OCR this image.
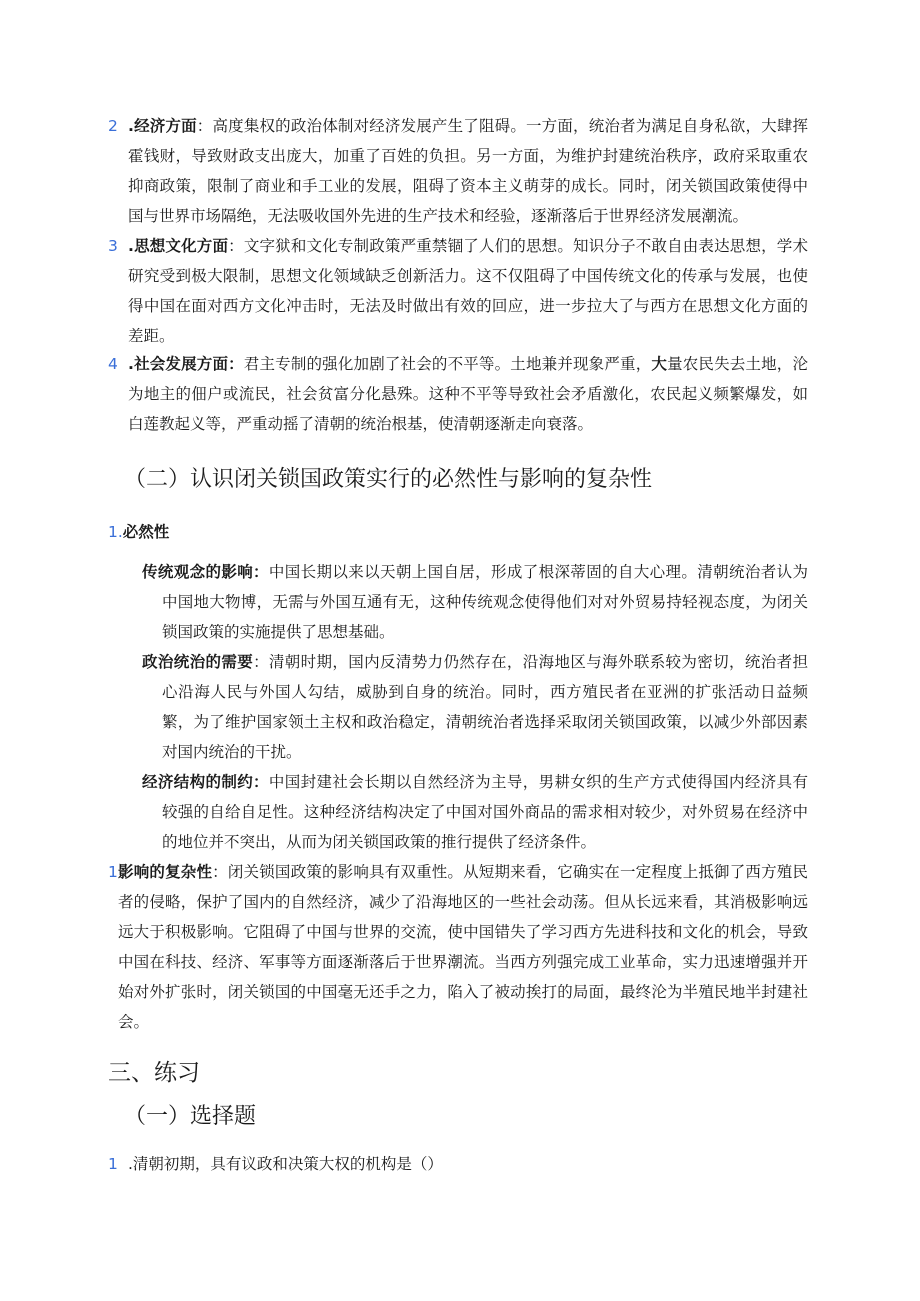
2 .经济方面：高度集权的政治体制对经济发展产生了阻碍。一方面，统治者为满足自身私欲，大肆挥霍钱财，导致财政支出庞大，加重了百姓的负担。另一方面，为维护封建统治秩序，政府采取重农抑商政策，限制了商业和手工业的发展，阻碍了资本主义萌芽的成长。同时，闭关锁国政策使得中国与世界市场隔绝，无法吸收国外先进的生产技术和经验，逐渐落后于世界经济发展潮流。
3 .思想文化方面：文字狱和文化专制政策严重禁锢了人们的思想。知识分子不敢自由表达思想，学术研究受到极大限制，思想文化领域缺乏创新活力。这不仅阻碍了中国传统文化的传承与发展，也使得中国在面对西方文化冲击时，无法及时做出有效的回应，进一步拉大了与西方在思想文化方面的差距。
4 .社会发展方面：君主专制的强化加剧了社会的不平等。土地兼并现象严重，大量农民失去土地，沦为地主的佃户或流民，社会贫富分化悬殊。这种不平等导致社会矛盾激化，农民起义频繁爆发，如白莲教起义等，严重动摇了清朝的统治根基，使清朝逐渐走向衰落。
（二）认识闭关锁国政策实行的必然性与影响的复杂性
1.必然性
传统观念的影响：中国长期以来以天朝上国自居，形成了根深蒂固的自大心理。清朝统治者认为中国地大物博，无需与外国互通有无，这种传统观念使得他们对对外贸易持轻视态度，为闭关锁国政策的实施提供了思想基础。
政治统治的需要：清朝时期，国内反清势力仍然存在，沿海地区与海外联系较为密切，统治者担心沿海人民与外国人勾结，威胁到自身的统治。同时，西方殖民者在亚洲的扩张活动日益频繁，为了维护国家领土主权和政治稳定，清朝统治者选择采取闭关锁国政策，以减少外部因素对国内统治的干扰。
经济结构的制约：中国封建社会长期以自然经济为主导，男耕女织的生产方式使得国内经济具有较强的自给自足性。这种经济结构决定了中国对国外商品的需求相对较少，对外贸易在经济中的地位并不突出，从而为闭关锁国政策的推行提供了经济条件。
1影响的复杂性：闭关锁国政策的影响具有双重性。从短期来看，它确实在一定程度上抵御了西方殖民者的侵略，保护了国内的自然经济，减少了沿海地区的一些社会动荡。但从长远来看，其消极影响远远大于积极影响。它阻碍了中国与世界的交流，使中国错失了学习西方先进科技和文化的机会，导致中国在科技、经济、军事等方面逐渐落后于世界潮流。当西方列强完成工业革命，实力迅速增强并开始对外扩张时，闭关锁国的中国毫无还手之力，陷入了被动挨打的局面，最终沦为半殖民地半封建社会。
三、练习
（一）选择题
1 .清朝初期，具有议政和决策大权的机构是（）
